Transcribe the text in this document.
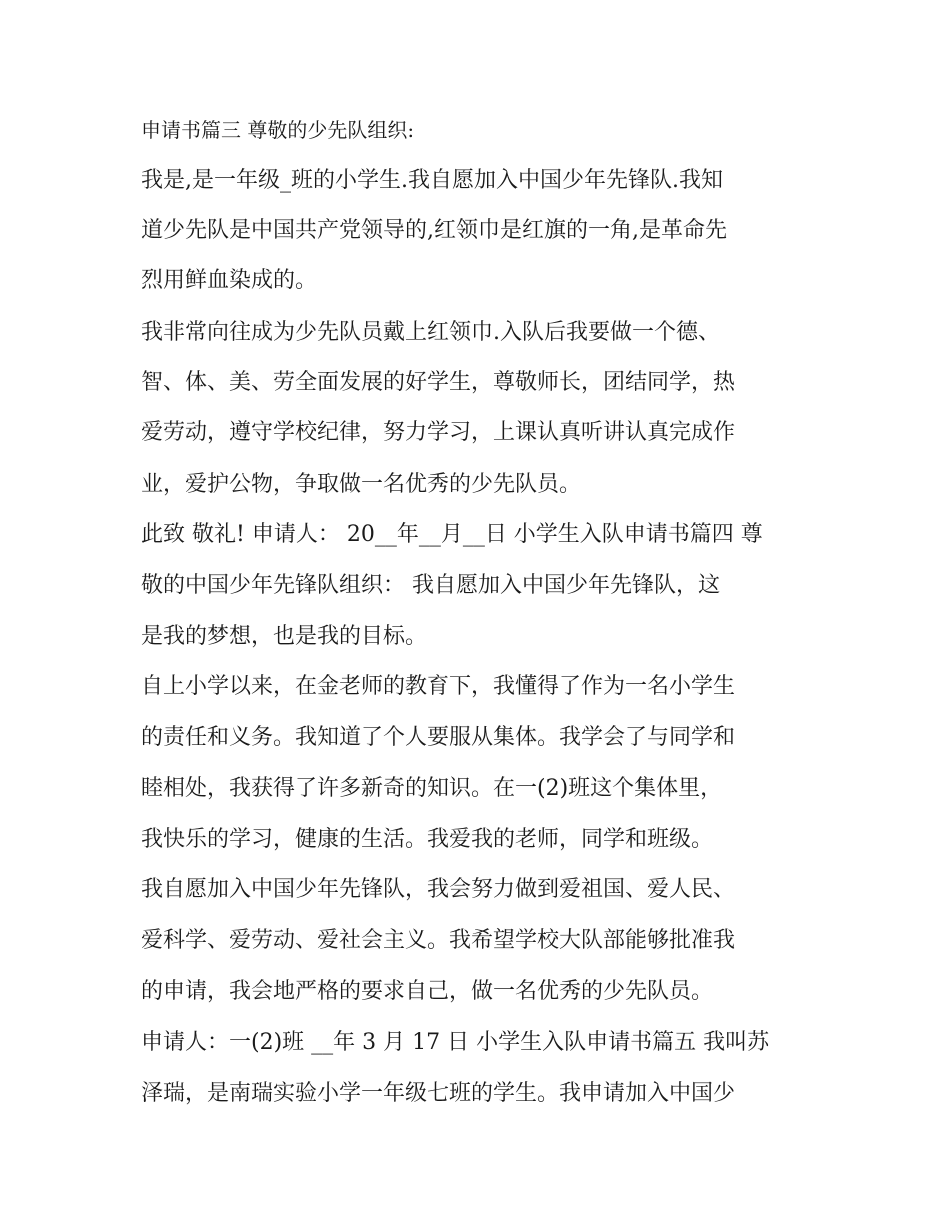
申请书篇三 尊敬的少先队组织:
我是,是一年级_班的小学生.我自愿加入中国少年先锋队.我知
道少先队是中国共产党领导的,红领巾是红旗的一角,是革命先
烈用鲜血染成的。
我非常向往成为少先队员戴上红领巾.入队后我要做一个德、
智、体、美、劳全面发展的好学生，尊敬师长，团结同学，热
爱劳动，遵守学校纪律，努力学习，上课认真听讲认真完成作
业，爱护公物，争取做一名优秀的少先队员。
此致 敬礼! 申请人： 20__年__月__日 小学生入队申请书篇四 尊
敬的中国少年先锋队组织： 我自愿加入中国少年先锋队，这
是我的梦想，也是我的目标。
自上小学以来，在金老师的教育下，我懂得了作为一名小学生
的责任和义务。我知道了个人要服从集体。我学会了与同学和
睦相处，我获得了许多新奇的知识。在一(2)班这个集体里，
我快乐的学习，健康的生活。我爱我的老师，同学和班级。
我自愿加入中国少年先锋队，我会努力做到爱祖国、爱人民、
爱科学、爱劳动、爱社会主义。我希望学校大队部能够批准我
的申请，我会地严格的要求自己，做一名优秀的少先队员。
申请人：一(2)班 __年 3 月 17 日 小学生入队申请书篇五 我叫苏
泽瑞，是南瑞实验小学一年级七班的学生。我申请加入中国少
